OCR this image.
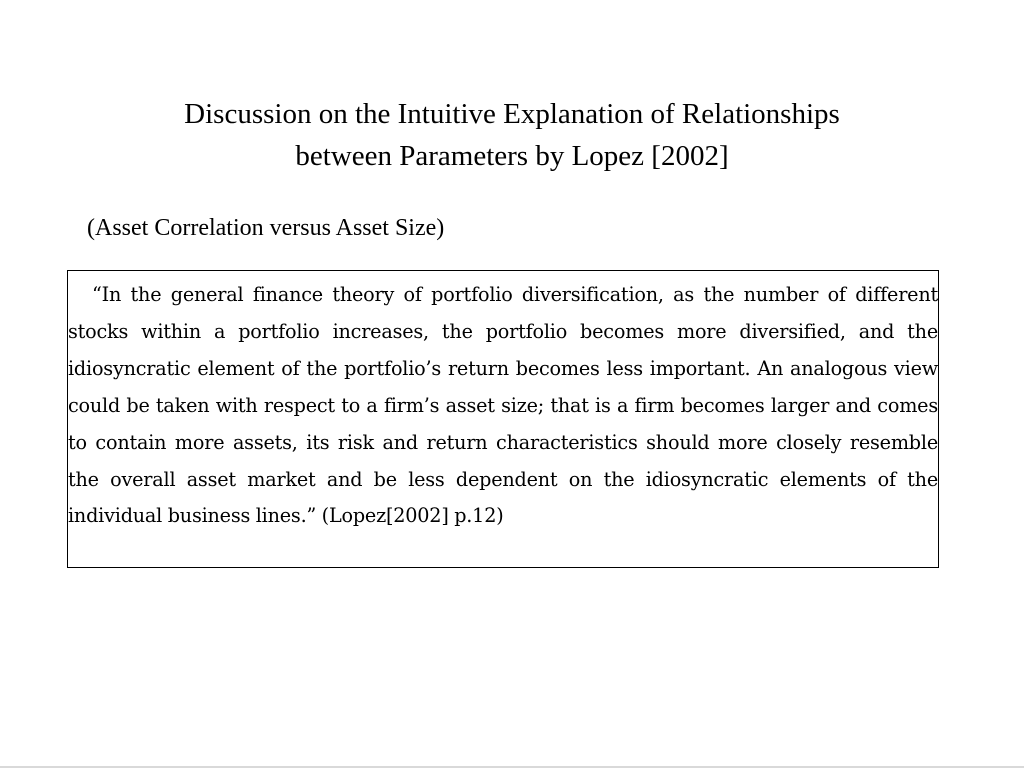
Discussion on the Intuitive Explanation of Relationships
between Parameters by Lopez [2002]

(Asset Correlation versus Asset Size)

“In the general finance theory of portfolio diversification, as the number of different stocks within a portfolio increases, the portfolio becomes more diversified, and the idiosyncratic element of the portfolio’s return becomes less important. An analogous view could be taken with respect to a firm’s asset size; that is a firm becomes larger and comes to contain more assets, its risk and return characteristics should more closely resemble the overall asset market and be less dependent on the idiosyncratic elements of the individual business lines.” (Lopez[2002] p.12)
